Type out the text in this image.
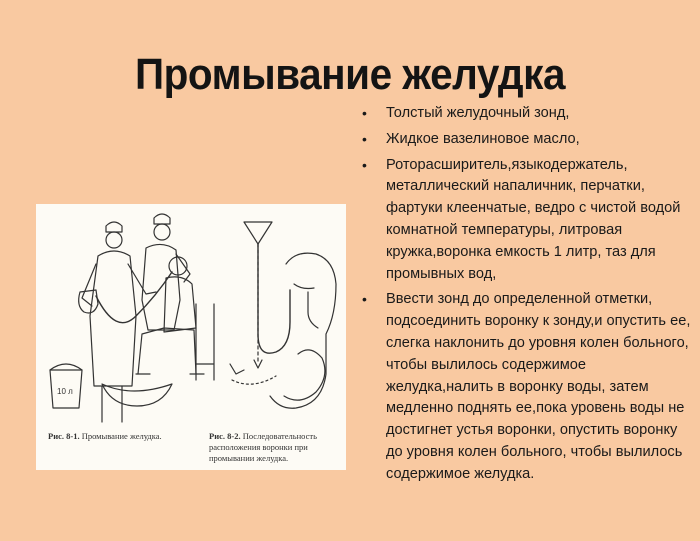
Промывание желудка
10 л
Рис. 8-1. Промывание желудка.	Рис. 8-2. Последовательность расположения воронки при промывании желудка.
• Толстый желудочный зонд,
• Жидкое вазелиновое масло,
• Роторасширитель,языкодержатель, металлический напаличник, перчатки, фартуки клеенчатые, ведро с чистой водой комнатной температуры, литровая кружка,воронка емкость 1 литр, таз для промывных вод,
• Ввести зонд до определенной отметки, подсоединить воронку к зонду,и опустить ее, слегка наклонить до уровня колен больного, чтобы вылилось содержимое желудка,налить в воронку воды, затем медленно поднять ее,пока уровень воды не достигнет устья воронки, опустить воронку до уровня колен больного, чтобы вылилось содержимое желудка.
